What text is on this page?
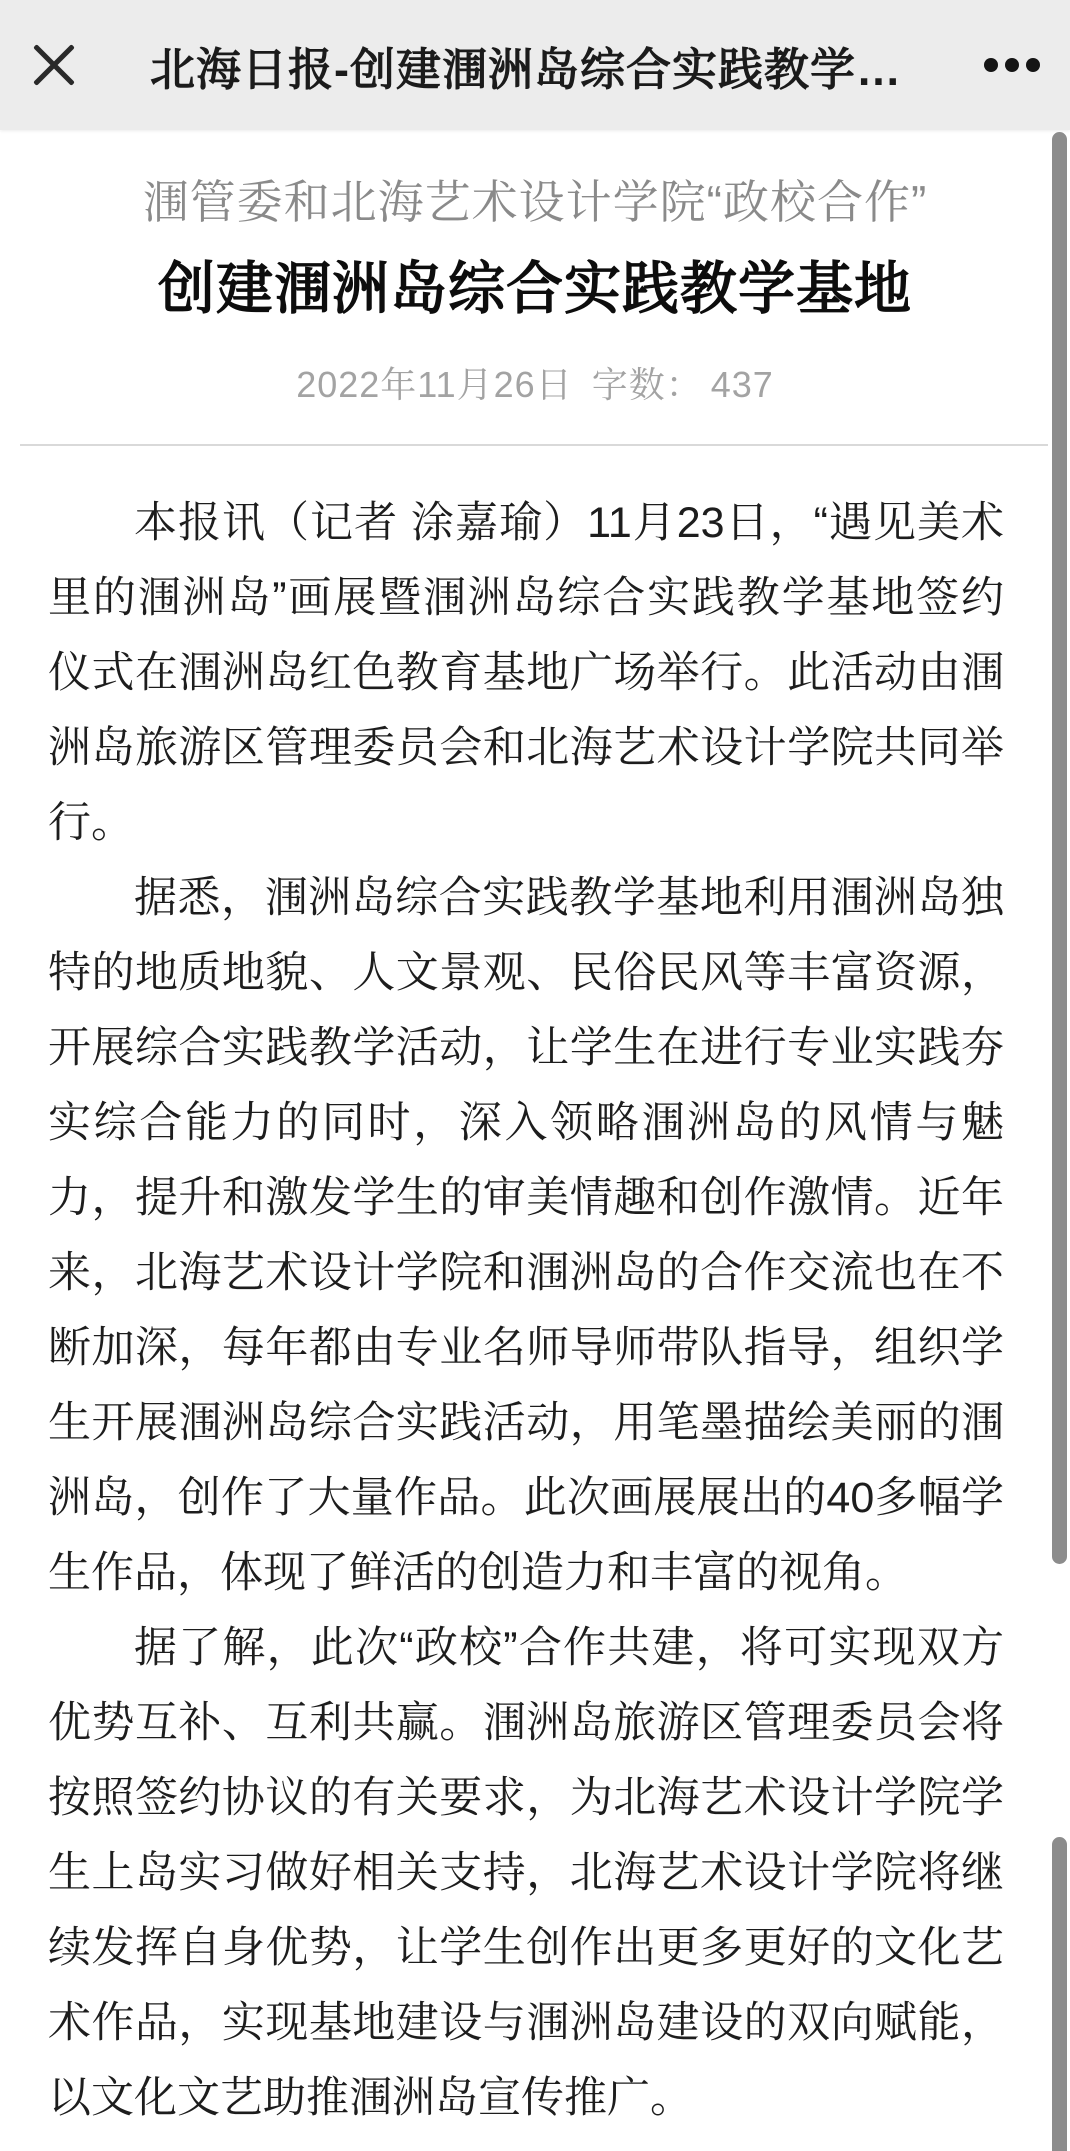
北海日报-创建涠洲岛综合实践教学…
涠管委和北海艺术设计学院“政校合作”
创建涠洲岛综合实践教学基地
2022年11月26日 字数： 437

本报讯（记者 涂嘉瑜）11月23日，“遇见美术里的涠洲岛”画展暨涠洲岛综合实践教学基地签约仪式在涠洲岛红色教育基地广场举行。此活动由涠洲岛旅游区管理委员会和北海艺术设计学院共同举行。

据悉，涠洲岛综合实践教学基地利用涠洲岛独特的地质地貌、人文景观、民俗民风等丰富资源，开展综合实践教学活动，让学生在进行专业实践夯实综合能力的同时，深入领略涠洲岛的风情与魅力，提升和激发学生的审美情趣和创作激情。近年来，北海艺术设计学院和涠洲岛的合作交流也在不断加深，每年都由专业名师导师带队指导，组织学生开展涠洲岛综合实践活动，用笔墨描绘美丽的涠洲岛，创作了大量作品。此次画展展出的40多幅学生作品，体现了鲜活的创造力和丰富的视角。

据了解，此次“政校”合作共建，将可实现双方优势互补、互利共赢。涠洲岛旅游区管理委员会将按照签约协议的有关要求，为北海艺术设计学院学生上岛实习做好相关支持，北海艺术设计学院将继续发挥自身优势，让学生创作出更多更好的文化艺术作品，实现基地建设与涠洲岛建设的双向赋能，以文化文艺助推涠洲岛宣传推广。
